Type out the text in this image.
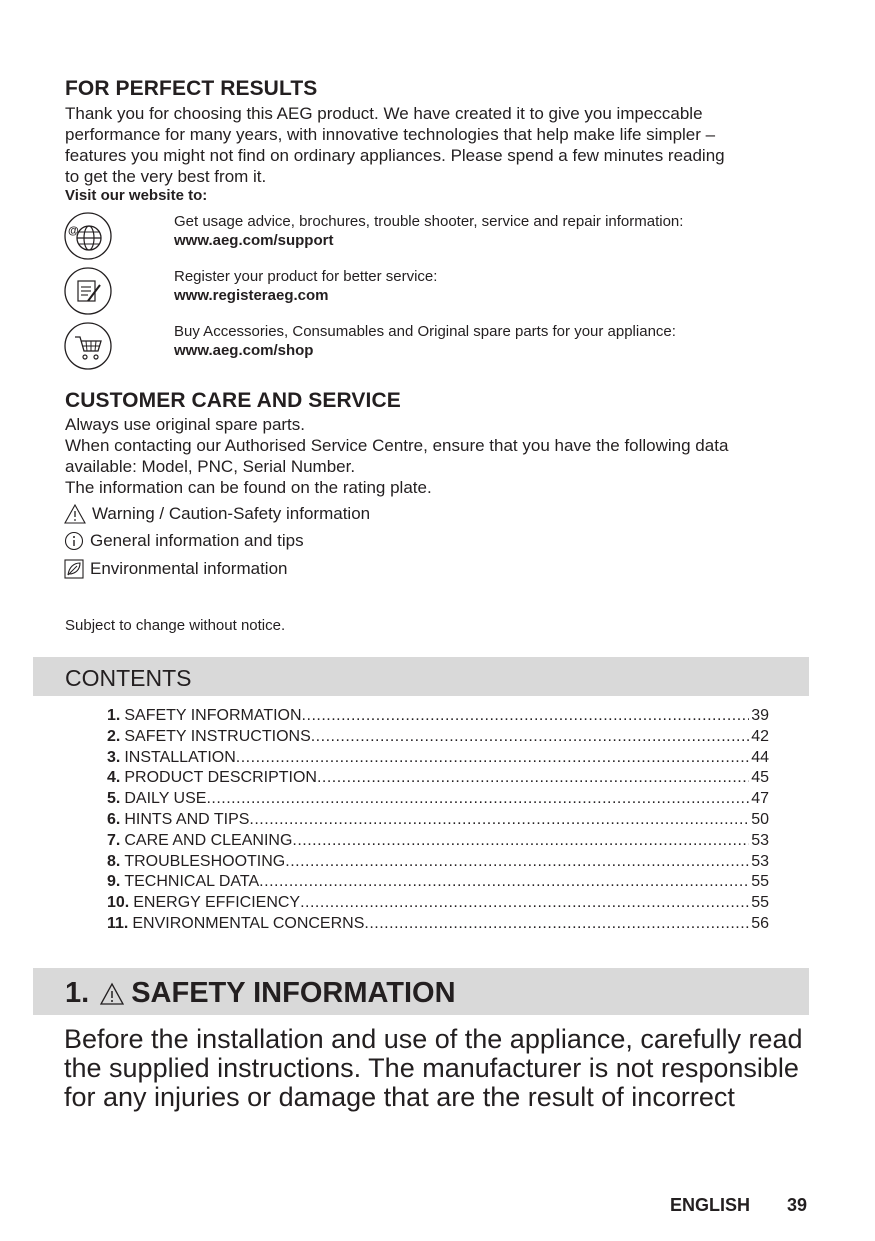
FOR PERFECT RESULTS
Thank you for choosing this AEG product. We have created it to give you impeccable
performance for many years, with innovative technologies that help make life simpler –
features you might not find on ordinary appliances. Please spend a few minutes reading
to get the very best from it.
Visit our website to:
@
Get usage advice, brochures, trouble shooter, service and repair information:
www.aeg.com/support
Register your product for better service:
www.registeraeg.com
Buy Accessories, Consumables and Original spare parts for your appliance:
www.aeg.com/shop
CUSTOMER CARE AND SERVICE
Always use original spare parts.
When contacting our Authorised Service Centre, ensure that you have the following data
available: Model, PNC, Serial Number.
The information can be found on the rating plate.
Warning / Caution-Safety information
General information and tips
Environmental information
Subject to change without notice.
CONTENTS
1. SAFETY INFORMATION .....	39
2. SAFETY INSTRUCTIONS .....	42
3. INSTALLATION .....	44
4. PRODUCT DESCRIPTION .....	45
5. DAILY USE .....	47
6. HINTS AND TIPS .....	50
7. CARE AND CLEANING .....	53
8. TROUBLESHOOTING .....	53
9. TECHNICAL DATA .....	55
10. ENERGY EFFICIENCY .....	55
11. ENVIRONMENTAL CONCERNS .....	56
1. SAFETY INFORMATION
Before the installation and use of the appliance, carefully read
the supplied instructions. The manufacturer is not responsible
for any injuries or damage that are the result of incorrect
ENGLISH 39
